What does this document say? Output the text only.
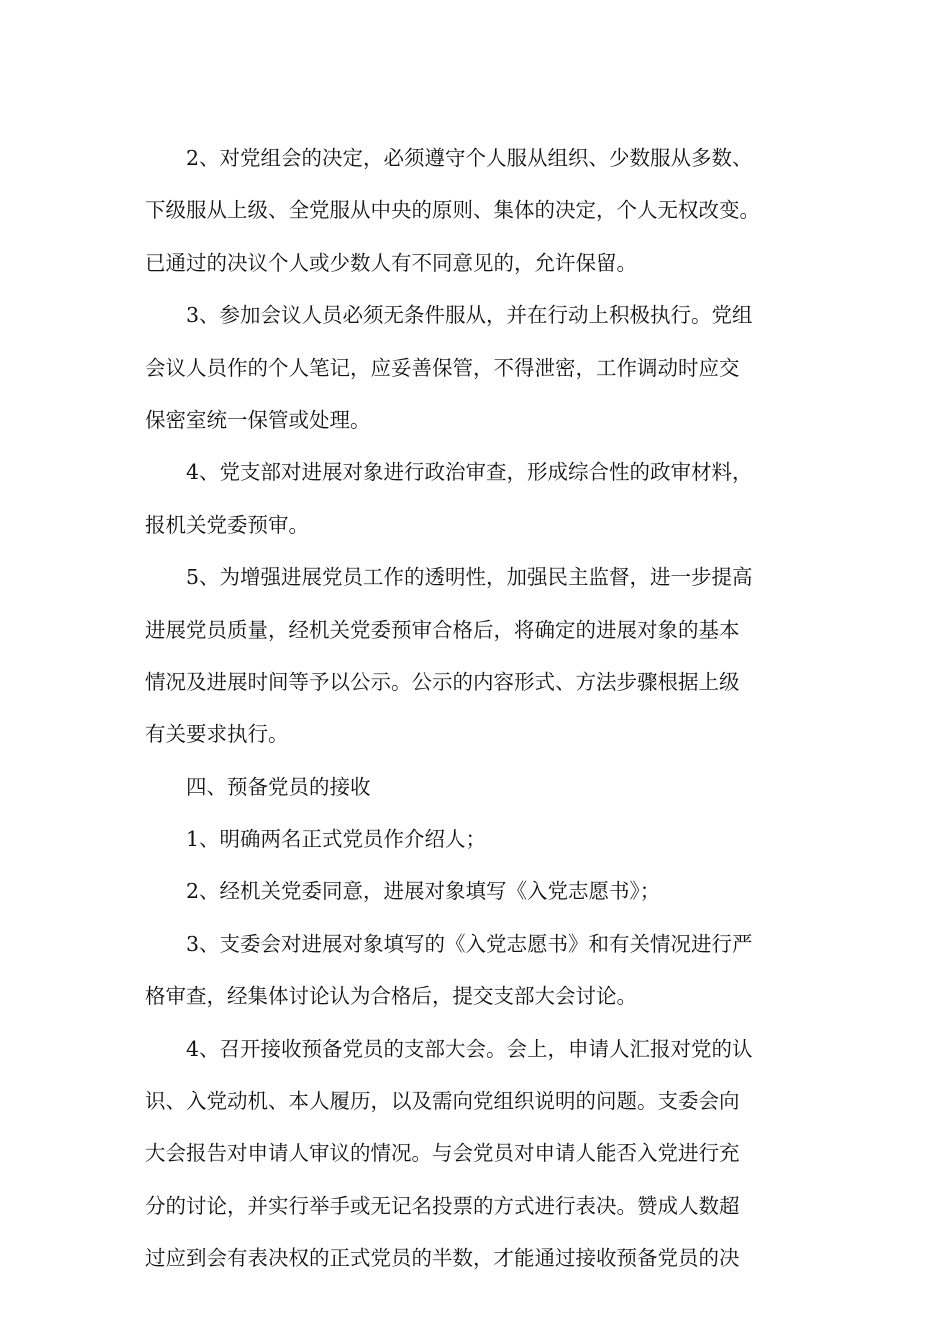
2、对党组会的决定，必须遵守个人服从组织、少数服从多数、
下级服从上级、全党服从中央的原则、集体的决定，个人无权改变。
已通过的决议个人或少数人有不同意见的，允许保留。
3、参加会议人员必须无条件服从，并在行动上积极执行。党组
会议人员作的个人笔记，应妥善保管，不得泄密，工作调动时应交
保密室统一保管或处理。
4、党支部对进展对象进行政治审查，形成综合性的政审材料，
报机关党委预审。
5、为增强进展党员工作的透明性，加强民主监督，进一步提高
进展党员质量，经机关党委预审合格后，将确定的进展对象的基本
情况及进展时间等予以公示。公示的内容形式、方法步骤根据上级
有关要求执行。
四、预备党员的接收
1、明确两名正式党员作介绍人；
2、经机关党委同意，进展对象填写《入党志愿书》；
3、支委会对进展对象填写的《入党志愿书》和有关情况进行严
格审查，经集体讨论认为合格后，提交支部大会讨论。
4、召开接收预备党员的支部大会。会上，申请人汇报对党的认
识、入党动机、本人履历，以及需向党组织说明的问题。支委会向
大会报告对申请人审议的情况。与会党员对申请人能否入党进行充
分的讨论，并实行举手或无记名投票的方式进行表决。赞成人数超
过应到会有表决权的正式党员的半数，才能通过接收预备党员的决
